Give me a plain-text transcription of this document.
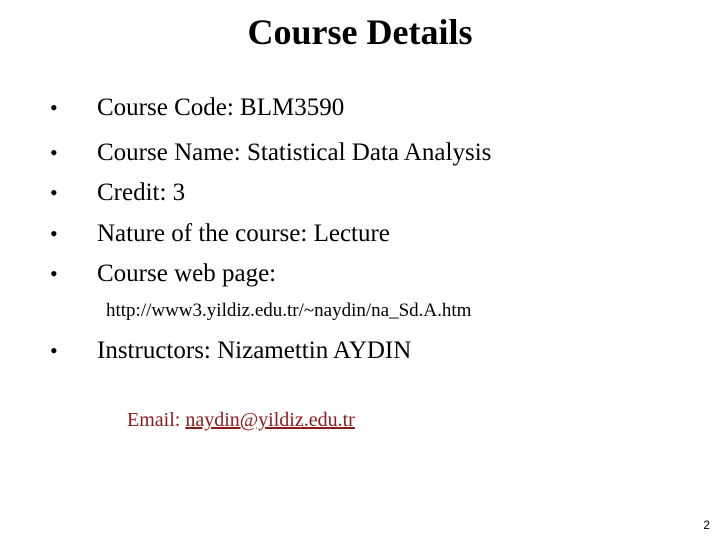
Course Details
• Course Code: BLM3590
• Course Name: Statistical Data Analysis
• Credit: 3
• Nature of the course: Lecture
• Course web page:
http://www3.yildiz.edu.tr/~naydin/na_Sd.A.htm
• Instructors: Nizamettin AYDIN
Email: naydin@yildiz.edu.tr
2
